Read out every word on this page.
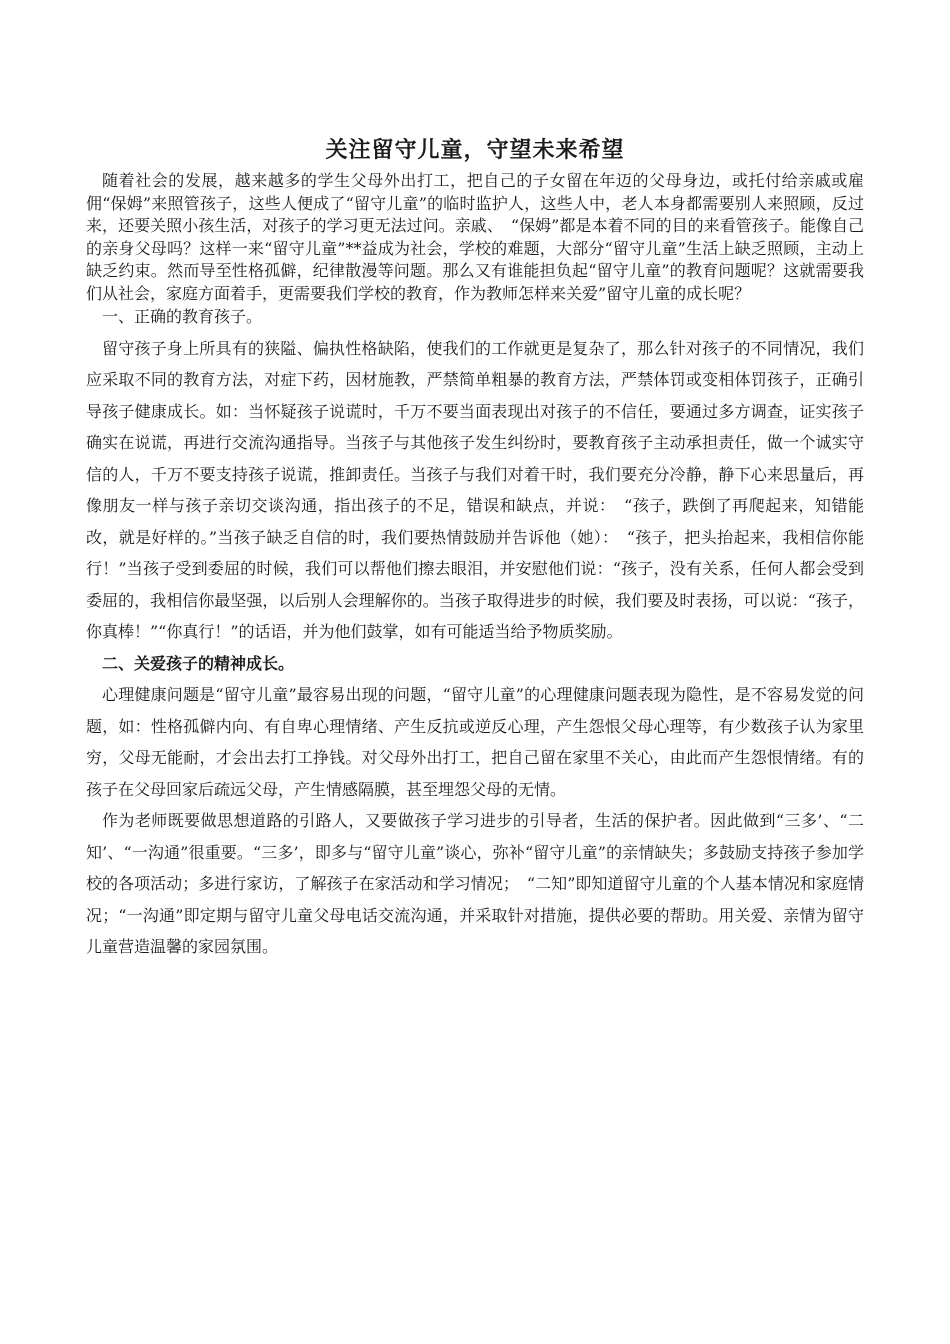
关注留守儿童，守望未来希望

随着社会的发展，越来越多的学生父母外出打工，把自己的子女留在年迈的父母身边，或托付给亲戚或雇佣“保姆”来照管孩子，这些人便成了“留守儿童”的临时监护人，这些人中，老人本身都需要别人来照顾，反过来，还要关照小孩生活，对孩子的学习更无法过问。亲戚、　“保姆”都是本着不同的目的来看管孩子。能像自己的亲身父母吗？这样一来“留守儿童”**益成为社会，学校的难题，大部分“留守儿童”生活上缺乏照顾，主动上缺乏约束。然而导至性格孤僻，纪律散漫等问题。那么又有谁能担负起“留守儿童”的教育问题呢？这就需要我们从社会，家庭方面着手，更需要我们学校的教育，作为教师怎样来关爱”留守儿童的成长呢？

一、正确的教育孩子。

留守孩子身上所具有的狭隘、偏执性格缺陷，使我们的工作就更是复杂了，那么针对孩子的不同情况，我们应采取不同的教育方法，对症下药，因材施教，严禁简单粗暴的教育方法，严禁体罚或变相体罚孩子，正确引导孩子健康成长。如：当怀疑孩子说谎时，千万不要当面表现出对孩子的不信任，要通过多方调查，证实孩子确实在说谎，再进行交流沟通指导。当孩子与其他孩子发生纠纷时，要教育孩子主动承担责任，做一个诚实守信的人，千万不要支持孩子说谎，推卸责任。当孩子与我们对着干时，我们要充分冷静，静下心来思量后，再像朋友一样与孩子亲切交谈沟通，指出孩子的不足，错误和缺点，并说：　“孩子，跌倒了再爬起来，知错能改，就是好样的。”当孩子缺乏自信的时，我们要热情鼓励并告诉他（她）：　“孩子，把头抬起来，我相信你能行！”当孩子受到委屈的时候，我们可以帮他们擦去眼泪，并安慰他们说：“孩子，没有关系，任何人都会受到委屈的，我相信你最坚强，以后别人会理解你的。当孩子取得进步的时候，我们要及时表扬，可以说：“孩子，你真棒！”“你真行！”的话语，并为他们鼓掌，如有可能适当给予物质奖励。

二、关爱孩子的精神成长。

心理健康问题是“留守儿童”最容易出现的问题，“留守儿童”的心理健康问题表现为隐性，是不容易发觉的问题，如：性格孤僻内向、有自卑心理情绪、产生反抗或逆反心理，产生怨恨父母心理等，有少数孩子认为家里穷，父母无能耐，才会出去打工挣钱。对父母外出打工，把自己留在家里不关心，由此而产生怨恨情绪。有的孩子在父母回家后疏远父母，产生情感隔膜，甚至埋怨父母的无情。

作为老师既要做思想道路的引路人，又要做孩子学习进步的引导者，生活的保护者。因此做到“三多’、“二知’、“一沟通”很重要。“三多’，即多与“留守儿童”谈心，弥补“留守儿童”的亲情缺失；多鼓励支持孩子参加学校的各项活动；多进行家访，了解孩子在家活动和学习情况；　“二知”即知道留守儿童的个人基本情况和家庭情况；“一沟通”即定期与留守儿童父母电话交流沟通，并采取针对措施，提供必要的帮助。用关爱、亲情为留守儿童营造温馨的家园氛围。
